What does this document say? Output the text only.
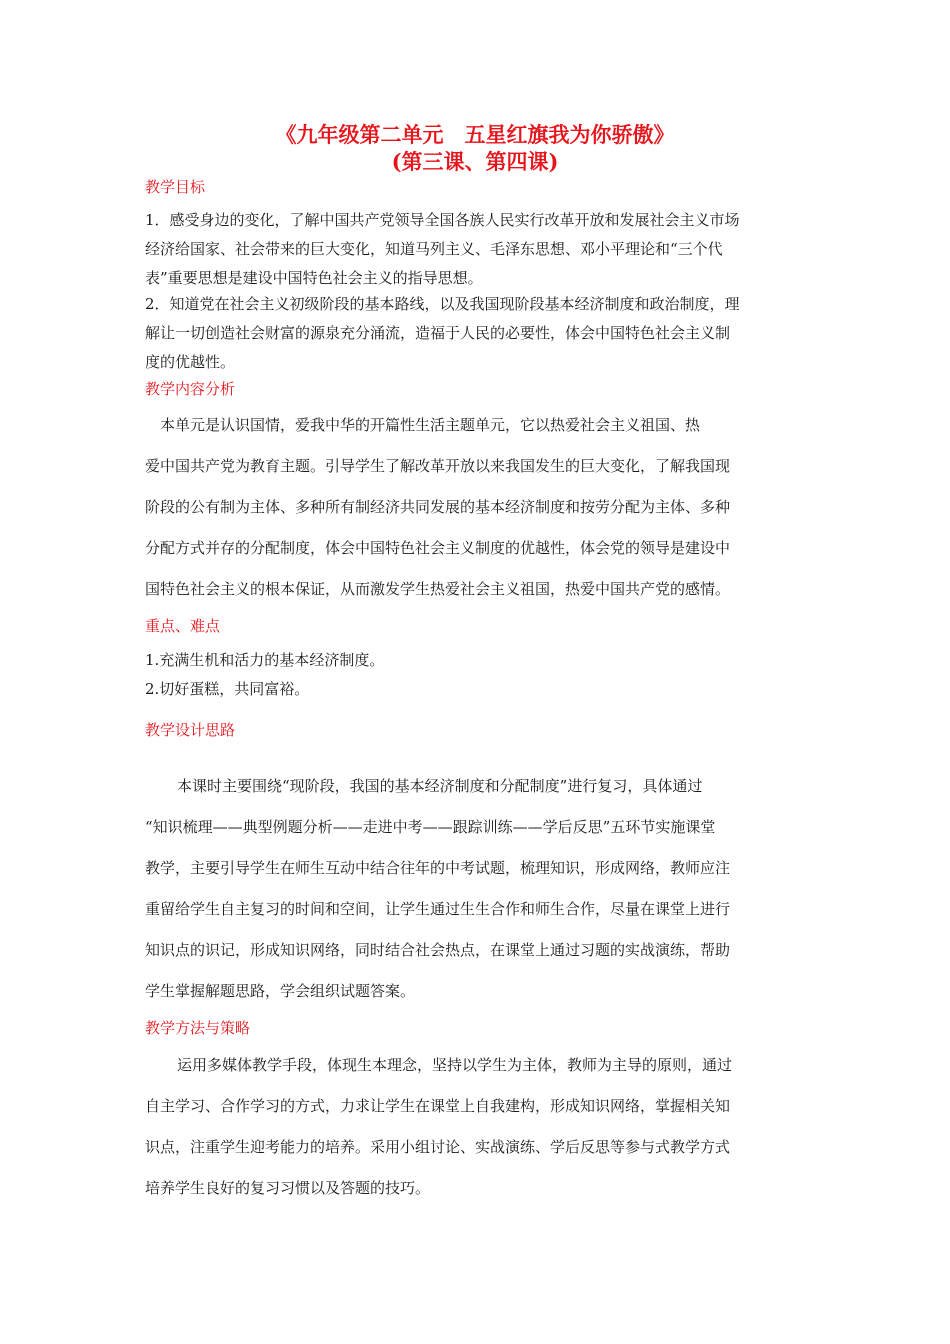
《九年级第二单元　五星红旗我为你骄傲》
(第三课、第四课)
教学目标
1．感受身边的变化，了解中国共产党领导全国各族人民实行改革开放和发展社会主义市场
经济给国家、社会带来的巨大变化，知道马列主义、毛泽东思想、邓小平理论和“三个代
表”重要思想是建设中国特色社会主义的指导思想。
2．知道党在社会主义初级阶段的基本路线，以及我国现阶段基本经济制度和政治制度，理
解让一切创造社会财富的源泉充分涌流，造福于人民的必要性，体会中国特色社会主义制
度的优越性。
教学内容分析
　本单元是认识国情，爱我中华的开篇性生活主题单元，它以热爱社会主义祖国、热
爱中国共产党为教育主题。引导学生了解改革开放以来我国发生的巨大变化，了解我国现
阶段的公有制为主体、多种所有制经济共同发展的基本经济制度和按劳分配为主体、多种
分配方式并存的分配制度，体会中国特色社会主义制度的优越性，体会党的领导是建设中
国特色社会主义的根本保证，从而激发学生热爱社会主义祖国，热爱中国共产党的感情。
重点、难点
1.充满生机和活力的基本经济制度。
2.切好蛋糕，共同富裕。
教学设计思路
本课时主要围绕“现阶段，我国的基本经济制度和分配制度”进行复习，具体通过
“知识梳理——典型例题分析——走进中考——跟踪训练——学后反思”五环节实施课堂
教学，主要引导学生在师生互动中结合往年的中考试题，梳理知识，形成网络，教师应注
重留给学生自主复习的时间和空间，让学生通过生生合作和师生合作，尽量在课堂上进行
知识点的识记，形成知识网络，同时结合社会热点，在课堂上通过习题的实战演练，帮助
学生掌握解题思路，学会组织试题答案。
教学方法与策略
运用多媒体教学手段，体现生本理念，坚持以学生为主体，教师为主导的原则，通过
自主学习、合作学习的方式，力求让学生在课堂上自我建构，形成知识网络，掌握相关知
识点，注重学生迎考能力的培养。采用小组讨论、实战演练、学后反思等参与式教学方式
培养学生良好的复习习惯以及答题的技巧。
